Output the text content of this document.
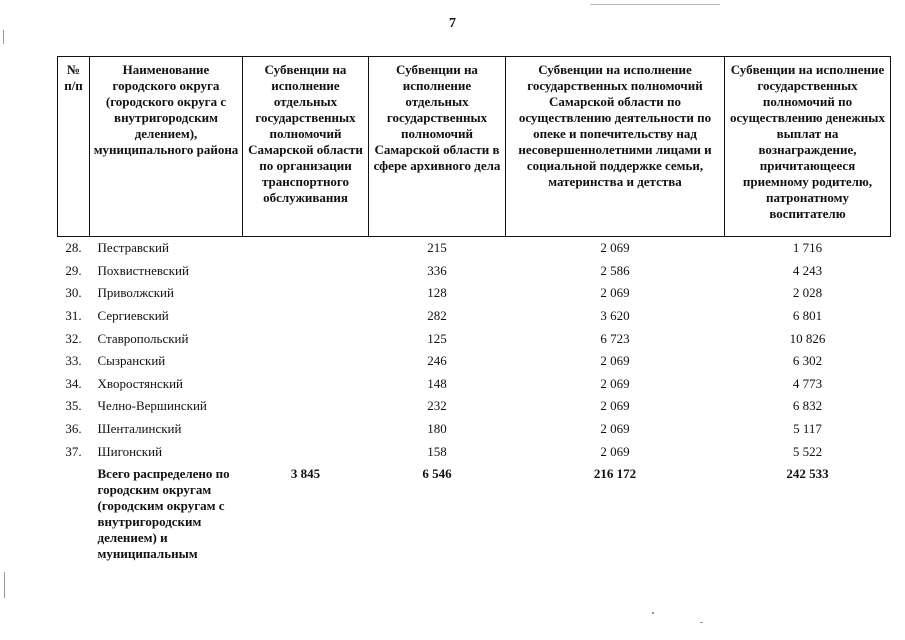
7
№ п/п	Наименование городского округа (городского округа с внутригородским делением), муниципального района	Субвенции на исполнение отдельных государственных полномочий Самарской области по организации транспортного обслуживания	Субвенции на исполнение отдельных государственных полномочий Самарской области в сфере архивного дела	Субвенции на исполнение государственных полномочий Самарской области по осуществлению деятельности по опеке и попечительству над несовершеннолетними лицами и социальной поддержке семьи, материнства и детства	Субвенции на исполнение государственных полномочий по осуществлению денежных выплат на вознаграждение, причитающееся приемному родителю, патронатному воспитателю
28.	Пестравский		215	2 069	1 716
29.	Похвистневский		336	2 586	4 243
30.	Приволжский		128	2 069	2 028
31.	Сергиевский		282	3 620	6 801
32.	Ставропольский		125	6 723	10 826
33.	Сызранский		246	2 069	6 302
34.	Хворостянский		148	2 069	4 773
35.	Челно-Вершинский		232	2 069	6 832
36.	Шенталинский		180	2 069	5 117
37.	Шигонский		158	2 069	5 522
	Всего распределено по городским округам (городским округам с внутригородским делением) и муниципальным	3 845	6 546	216 172	242 533
